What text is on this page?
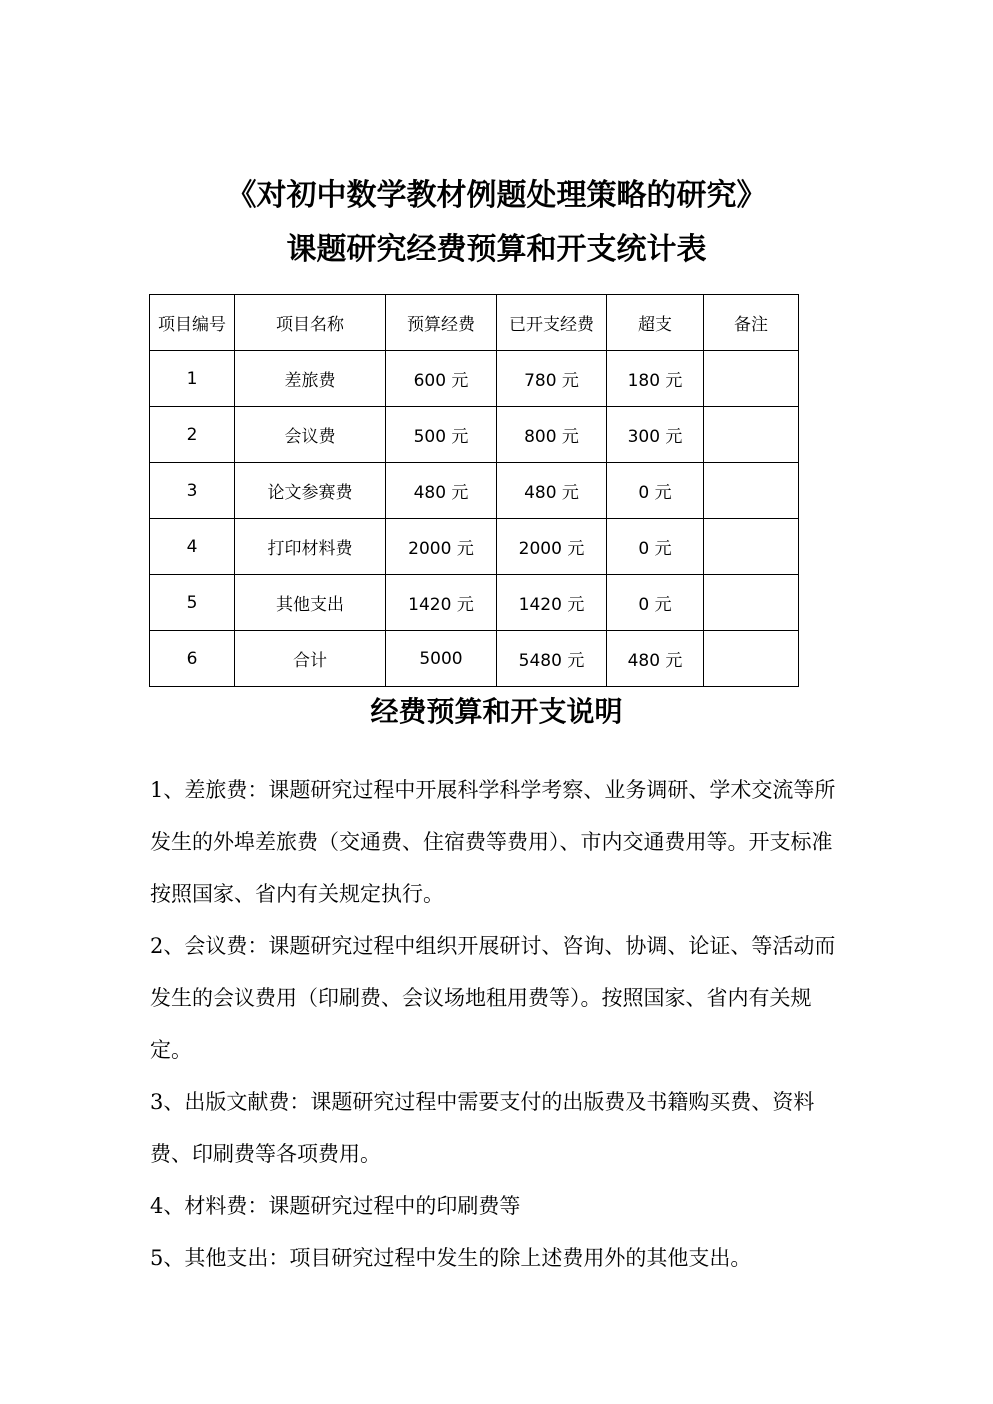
《对初中数学教材例题处理策略的研究》
课题研究经费预算和开支统计表
项目编号	项目名称	预算经费	已开支经费	超支	备注
1	差旅费	600 元	780 元	180 元	
2	会议费	500 元	800 元	300 元	
3	论文参赛费	480 元	480 元	0 元	
4	打印材料费	2000 元	2000 元	0 元	
5	其他支出	1420 元	1420 元	0 元	
6	合计	5000	5480 元	480 元	
经费预算和开支说明

1、差旅费：课题研究过程中开展科学科学考察、业务调研、学术交流等所发生的外埠差旅费（交通费、住宿费等费用）、市内交通费用等。开支标准按照国家、省内有关规定执行。

2、会议费：课题研究过程中组织开展研讨、咨询、协调、论证、等活动而发生的会议费用（印刷费、会议场地租用费等）。按照国家、省内有关规定。

3、出版文献费：课题研究过程中需要支付的出版费及书籍购买费、资料费、印刷费等各项费用。

4、材料费：课题研究过程中的印刷费等

5、其他支出：项目研究过程中发生的除上述费用外的其他支出。
